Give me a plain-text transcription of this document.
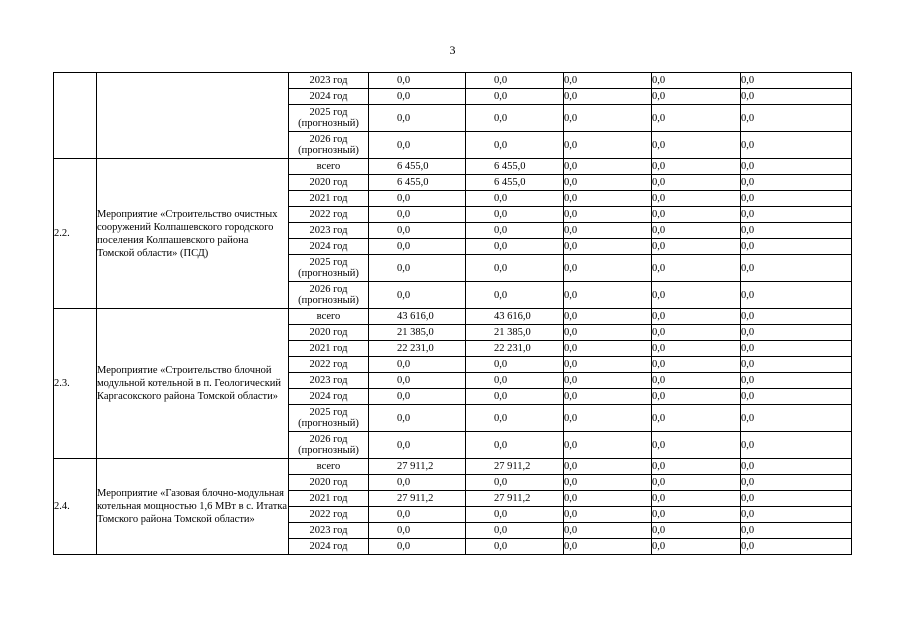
3
		2023 год	0,0	0,0	0,0	0,0	0,0
		2024 год	0,0	0,0	0,0	0,0	0,0
		2025 год (прогнозный)	0,0	0,0	0,0	0,0	0,0
		2026 год (прогнозный)	0,0	0,0	0,0	0,0	0,0
2.2.	Мероприятие «Строительство очистных сооружений Колпашевского городского поселения Колпашевского района Томской области» (ПСД)	всего	6 455,0	6 455,0	0,0	0,0	0,0
		2020 год	6 455,0	6 455,0	0,0	0,0	0,0
		2021 год	0,0	0,0	0,0	0,0	0,0
		2022 год	0,0	0,0	0,0	0,0	0,0
		2023 год	0,0	0,0	0,0	0,0	0,0
		2024 год	0,0	0,0	0,0	0,0	0,0
		2025 год (прогнозный)	0,0	0,0	0,0	0,0	0,0
		2026 год (прогнозный)	0,0	0,0	0,0	0,0	0,0
2.3.	Мероприятие «Строительство блочной модульной котельной в п. Геологический Каргасокского района Томской области»	всего	43 616,0	43 616,0	0,0	0,0	0,0
		2020 год	21 385,0	21 385,0	0,0	0,0	0,0
		2021 год	22 231,0	22 231,0	0,0	0,0	0,0
		2022 год	0,0	0,0	0,0	0,0	0,0
		2023 год	0,0	0,0	0,0	0,0	0,0
		2024 год	0,0	0,0	0,0	0,0	0,0
		2025 год (прогнозный)	0,0	0,0	0,0	0,0	0,0
		2026 год (прогнозный)	0,0	0,0	0,0	0,0	0,0
2.4.	Мероприятие «Газовая блочно-модульная котельная мощностью 1,6 МВт в с. Итатка Томского района Томской области»	всего	27 911,2	27 911,2	0,0	0,0	0,0
		2020 год	0,0	0,0	0,0	0,0	0,0
		2021 год	27 911,2	27 911,2	0,0	0,0	0,0
		2022 год	0,0	0,0	0,0	0,0	0,0
		2023 год	0,0	0,0	0,0	0,0	0,0
		2024 год	0,0	0,0	0,0	0,0	0,0
